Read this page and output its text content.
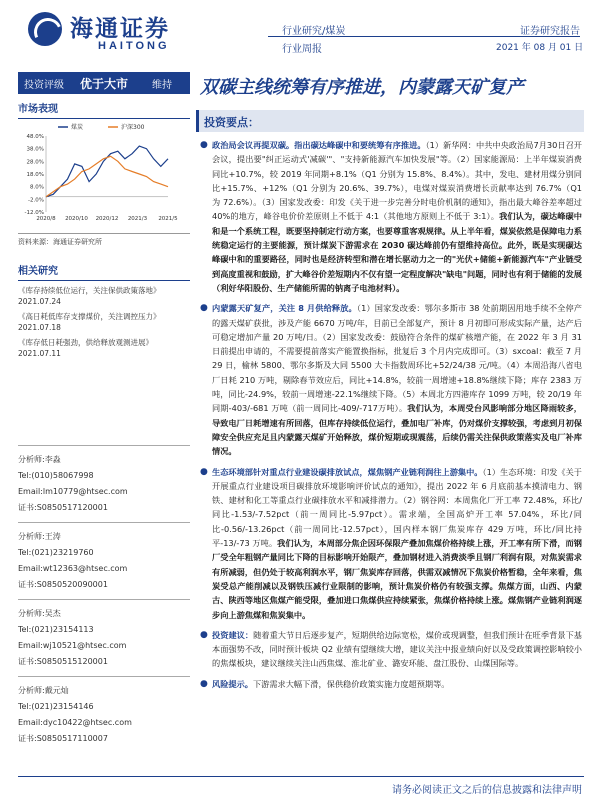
海通证券
HAITONG
行业研究/煤炭
行业周报
证券研究报告
2021 年 08 月 01 日
投资评级 优于大市 维持 双碳主线统筹有序推进，内蒙露天矿复产
市场表现
48.0%
38.0%
28.0%
18.0%
8.0%
-2.0%
-12.0%
2020/8 2020/10 2020/12 2021/3 2021/5
煤炭	沪深300
资料来源：海通证券研究所
相关研究
《库存持续低位运行，关注保供政策落地》
2021.07.24
《高日耗低库存支撑煤价，关注调控压力》
2021.07.18
《库存低日耗强劲，供给释放观测进展》
2021.07.11
分析师:李淼
Tel:(010)58067998
Email:lm10779@htsec.com
证书:S0850517120001
分析师:王涛
Tel:(021)23219760
Email:wt12363@htsec.com
证书:S0850520090001
分析师:吴杰
Tel:(021)23154113
Email:wj10521@htsec.com
证书:S0850515120001
分析师:戴元灿
Tel:(021)23154146
Email:dyc10422@htsec.com
证书:S0850517110007
投资要点：
● 政治局会议再提双碳。指出碳达峰碳中和要统筹有序推进。（1）新华网：中共中央政治局7月30日召开会议，提出要"纠正运动式'减碳'"、"支持新能源汽车加快发展"等。（2）国家能源局：上半年煤炭消费同比+10.7%，较 2019 年同期+8.1%（Q1 分别为 15.8%、8.4%）。其中，发电、建材用煤分别同比+15.7%、+12%（Q1 分别为 20.6%、39.7%），电煤对煤炭消费增长贡献率达到 76.7%（Q1 为 72.6%）。（3）国家发改委：印发《关于进一步完善分时电价机制的通知》，指出最大峰谷差率超过 40%的地方，峰谷电价价差原则上不低于 4:1（其他地方原则上不低于 3:1）。我们认为，碳达峰碳中和是一个系统工程，既要坚持制定行动方案，也要尊重客观规律。从上半年看，煤炭依然是保障电力系统稳定运行的主要能源，预计煤炭下游需求在 2030 碳达峰前仍有望维持高位。此外，既是实现碳达峰碳中和的重要路径，同时也是经济转型和潜在增长驱动力之一的"光伏+储能+新能源汽车"产业链受到高度重视和鼓励，扩大峰谷价差短期内不仅有望一定程度解决"缺电"问题，同时也有利于储能的发展（利好华阳股份、生产储能所需的钠离子电池材料）。
● 内蒙露天矿复产，关注 8 月供给释放。（1）国家发改委：鄂尔多斯市 38 处前期因用地手续不全停产的露天煤矿获批，涉及产能 6670 万吨/年，目前已全部复产，预计 8 月初即可形成实际产量，达产后可稳定增加产量 20 万吨/日。（2）国家发改委：鼓励符合条件的煤矿核增产能，在 2022 年 3 月 31 日前提出申请的，不需要提前落实产能置换指标，批复后 3 个月内完成即可。（3）sxcoal：截至 7 月 29 日，榆林 5800、鄂尔多斯及大同 5500 大卡指数周环比+52/24/38 元/吨。（4）本周沿海八省电厂日耗 210 万吨，剔除春节效应后，同比+14.8%，较前一周增速+18.8%继续下降；库存 2383 万吨，同比-24.9%，较前一周增速-22.1%继续下降。（5）本周北方四港库存 1099 万吨，较 20/19 年同期-403/-681 万吨（前一周同比-409/-717万吨）。我们认为，本周受台风影响部分地区降雨较多，导致电厂日耗增速有所回落，但库存持续低位运行，叠加电厂补库，仍对煤价支撑较强，考虑到月初保障安全供应充足且内蒙露天煤矿开始释放，煤价短期或现震荡，后续仍需关注保供政策落实及电厂补库情况。
● 生态环境部针对重点行业建设碳排放试点，煤焦钢产业链利润往上游集中。（1）生态环境：印发《关于开展重点行业建设项目碳排放环境影响评价试点的通知》，提出 2022 年 6 月底前基本摸清电力、钢铁、建材和化工等重点行业碳排放水平和减排潜力。（2）钢谷网：本周焦化厂开工率 72.48%，环比/同比-1.53/-7.52pct（前一周同比-5.97pct）。需求端，全国高炉开工率 57.04%，环比/同比-0.56/-13.26pct（前一周同比-12.57pct），国内样本钢厂焦炭库存 429 万吨，环比/同比持平-13/-73 万吨。我们认为，本周部分焦企因环保限产叠加焦煤价格持续上涨，开工率有所下滑，而钢厂受全年粗钢产量同比下降的目标影响开始限产，叠加钢材进入消费淡季且钢厂利润有限，对焦炭需求有所减弱，但仍处于较高利润水平，钢厂焦炭库存回落，供需双减情况下焦炭价格暂稳，全年来看，焦炭受总产能削减以及钢铁压减行业限制的影响，预计焦炭价格仍有较强支撑。焦煤方面，山西、内蒙古、陕西等地区焦煤产能受限，叠加进口焦煤供应持续紧张，焦煤价格持续上涨。煤焦钢产业链利润逐步向上游焦煤和焦炭集中。
● 投资建议：随着重大节日后逐步复产，短期供给边际宽松，煤价或现调整，但我们预计在旺季背景下基本面强势不改，同时预计板块 Q2 业绩有望继续大增，建议关注中报业绩向好以及受政策调控影响较小的焦煤板块，建议继续关注山西焦煤、淮北矿业、潞安环能、盘江股份、山煤国际等。
● 风险提示。下游需求大幅下滑，保供稳价政策实施力度超预期等。
请务必阅读正文之后的信息披露和法律声明
